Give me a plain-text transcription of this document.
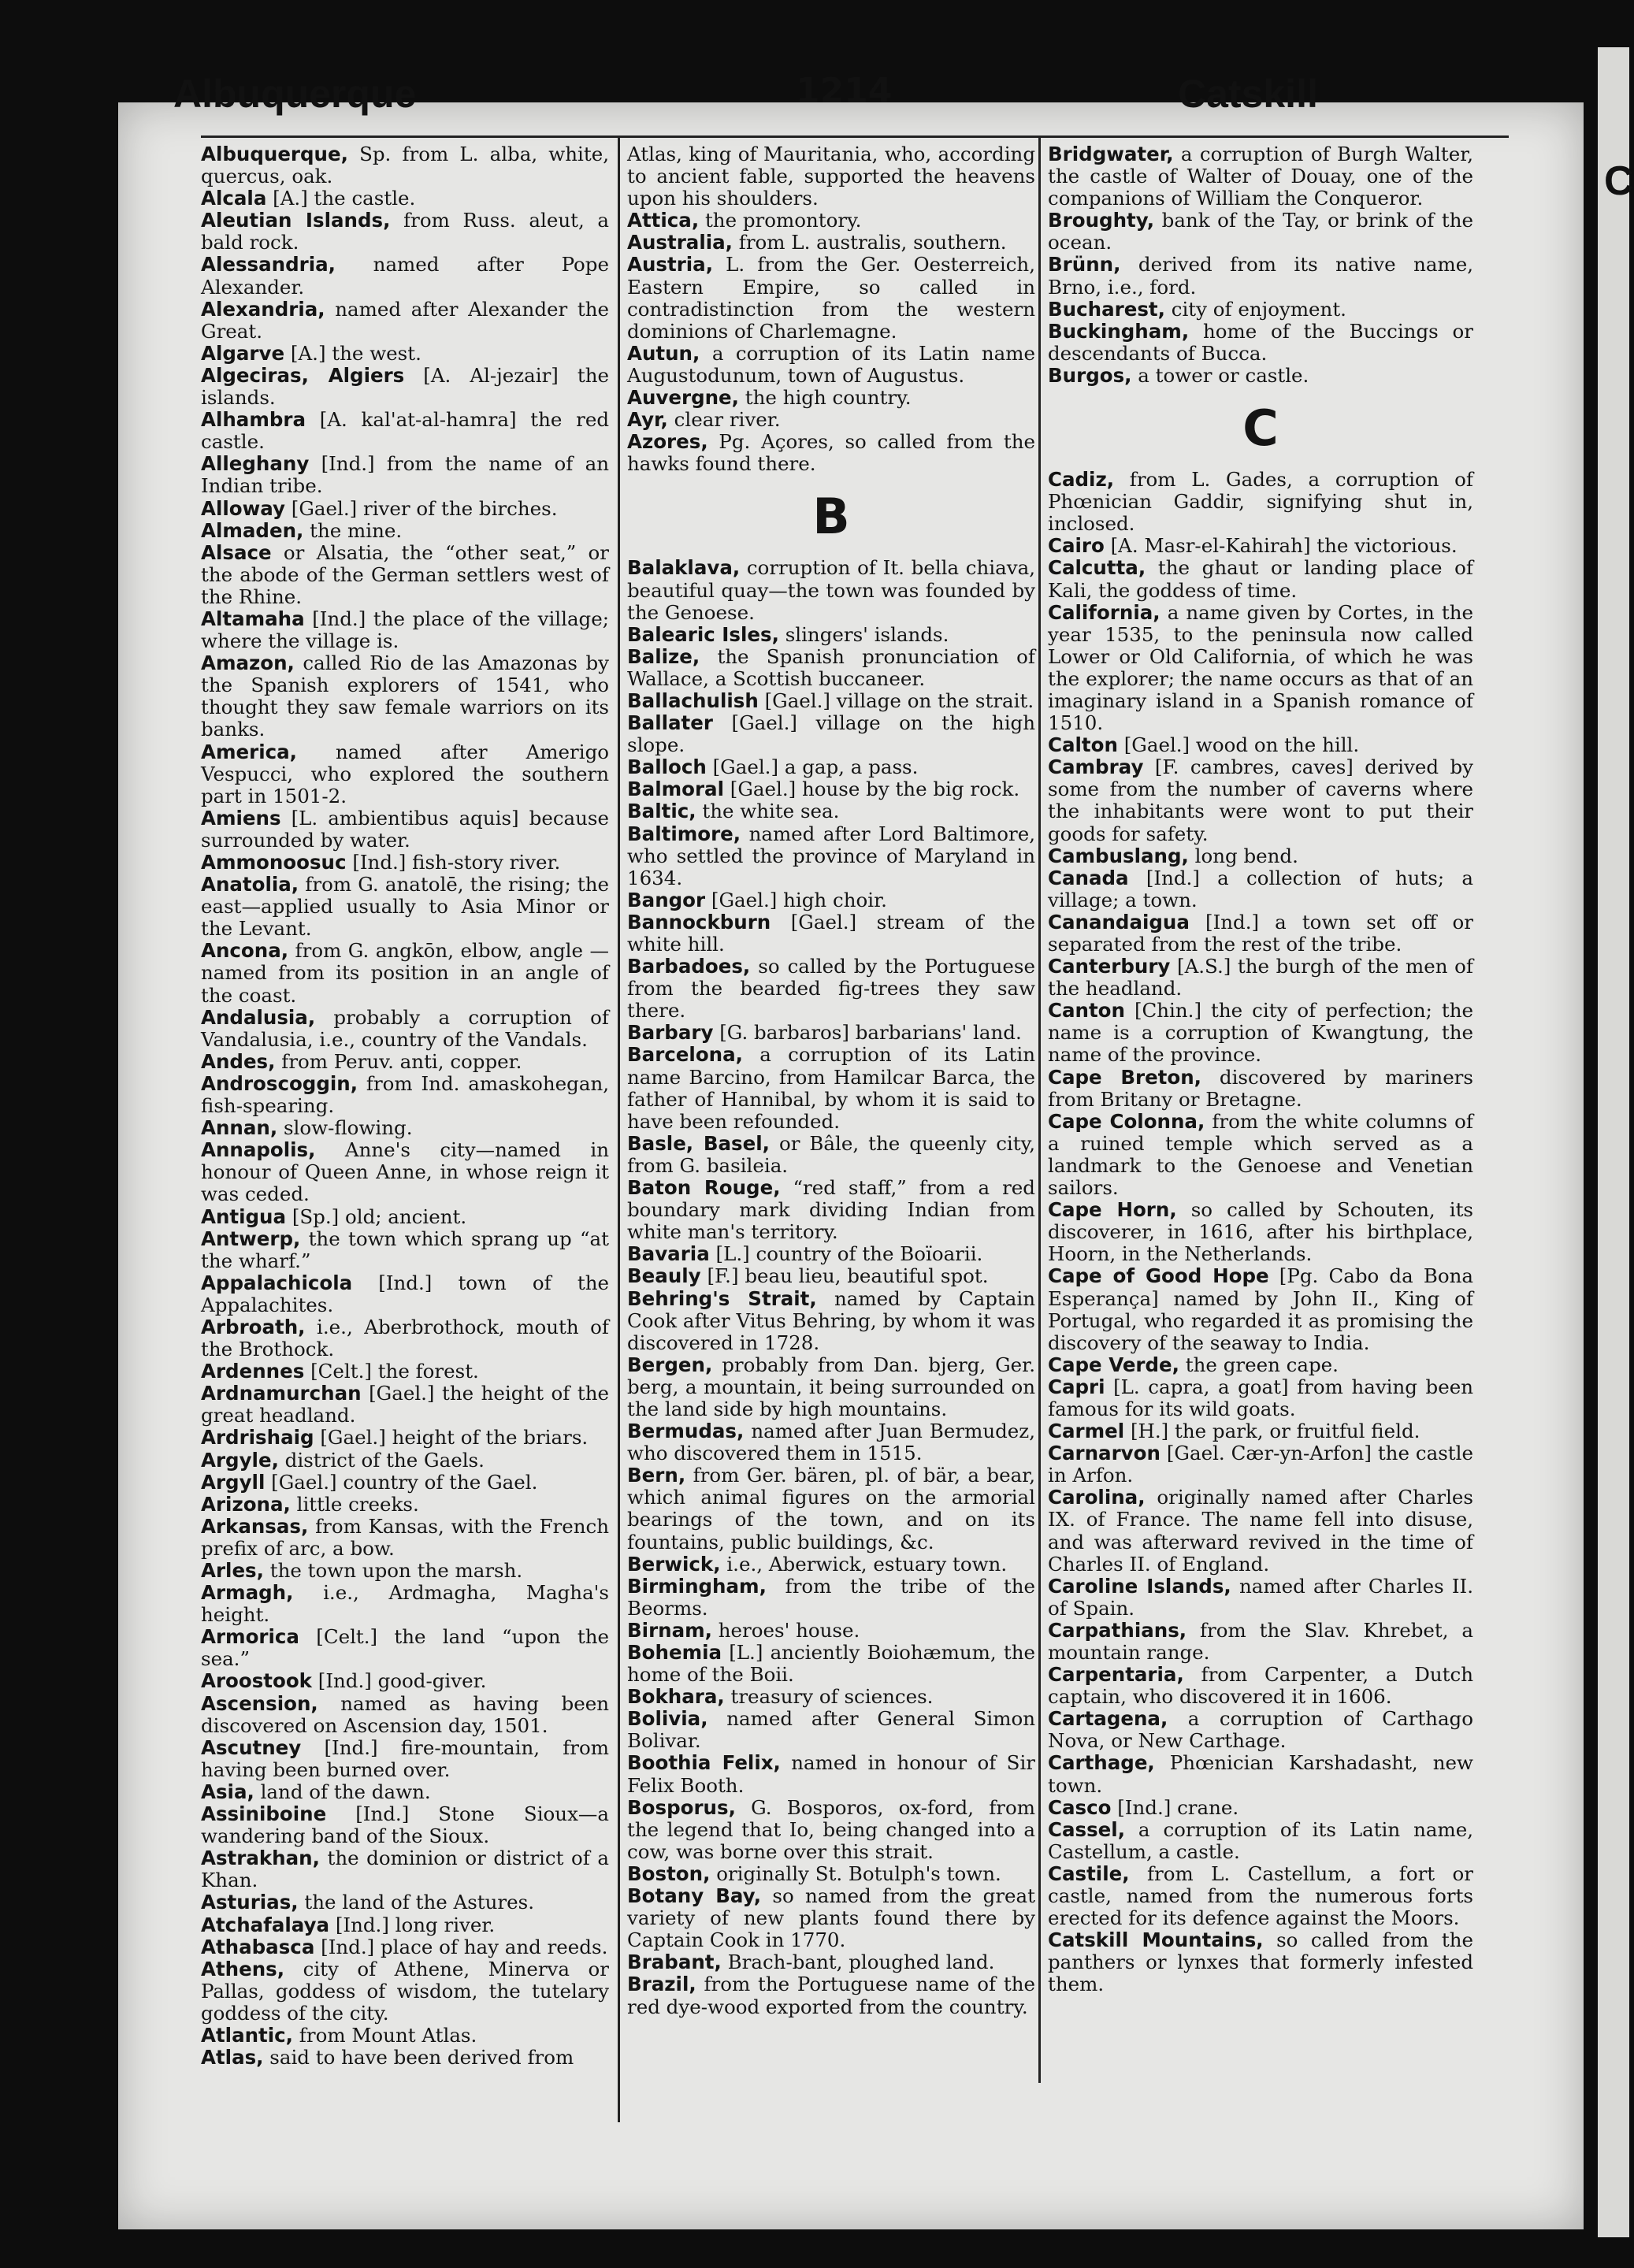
C
Albuquerque	1214	Catskill

Albuquerque, Sp. from L. alba, white, quercus, oak.

Alcala [A.] the castle.

Aleutian Islands, from Russ. aleut, a bald rock.

Alessandria, named after Pope Alexander.

Alexandria, named after Alexander the Great.

Algarve [A.] the west.

Algeciras, Algiers [A. Al-jezair] the islands.

Alhambra [A. kal'at-al-hamra] the red castle.

Alleghany [Ind.] from the name of an Indian tribe.

Alloway [Gael.] river of the birches.

Almaden, the mine.

Alsace or Alsatia, the “other seat,” or the abode of the German settlers west of the Rhine.

Altamaha [Ind.] the place of the village; where the village is.

Amazon, called Rio de las Amazonas by the Spanish explorers of 1541, who thought they saw female warriors on its banks.

America, named after Amerigo Vespucci, who explored the southern part in 1501-2.

Amiens [L. ambientibus aquis] because surrounded by water.

Ammonoosuc [Ind.] fish-story river.

Anatolia, from G. anatolē, the rising; the east—applied usually to Asia Minor or the Levant.

Ancona, from G. angkōn, elbow, angle —named from its position in an angle of the coast.

Andalusia, probably a corruption of Vandalusia, i.e., country of the Vandals.

Andes, from Peruv. anti, copper.

Androscoggin, from Ind. amaskohegan, fish-spearing.

Annan, slow-flowing.

Annapolis, Anne's city—named in honour of Queen Anne, in whose reign it was ceded.

Antigua [Sp.] old; ancient.

Antwerp, the town which sprang up “at the wharf.”

Appalachicola [Ind.] town of the Appalachites.

Arbroath, i.e., Aberbrothock, mouth of the Brothock.

Ardennes [Celt.] the forest.

Ardnamurchan [Gael.] the height of the great headland.

Ardrishaig [Gael.] height of the briars.

Argyle, district of the Gaels.

Argyll [Gael.] country of the Gael.

Arizona, little creeks.

Arkansas, from Kansas, with the French prefix of arc, a bow.

Arles, the town upon the marsh.

Armagh, i.e., Ardmagha, Magha's height.

Armorica [Celt.] the land “upon the sea.”

Aroostook [Ind.] good-giver.

Ascension, named as having been discovered on Ascension day, 1501.

Ascutney [Ind.] fire-mountain, from having been burned over.

Asia, land of the dawn.

Assiniboine [Ind.] Stone Sioux—a wandering band of the Sioux.

Astrakhan, the dominion or district of a Khan.

Asturias, the land of the Astures.

Atchafalaya [Ind.] long river.

Athabasca [Ind.] place of hay and reeds.

Athens, city of Athene, Minerva or Pallas, goddess of wisdom, the tutelary goddess of the city.

Atlantic, from Mount Atlas.

Atlas, said to have been derived from

Atlas, king of Mauritania, who, according to ancient fable, supported the heavens upon his shoulders.

Attica, the promontory.

Australia, from L. australis, southern.

Austria, L. from the Ger. Oesterreich, Eastern Empire, so called in contradistinction from the western dominions of Charlemagne.

Autun, a corruption of its Latin name Augustodunum, town of Augustus.

Auvergne, the high country.

Ayr, clear river.

Azores, Pg. Açores, so called from the hawks found there.

B

Balaklava, corruption of It. bella chiava, beautiful quay—the town was founded by the Genoese.

Balearic Isles, slingers' islands.

Balize, the Spanish pronunciation of Wallace, a Scottish buccaneer.

Ballachulish [Gael.] village on the strait.

Ballater [Gael.] village on the high slope.

Balloch [Gael.] a gap, a pass.

Balmoral [Gael.] house by the big rock.

Baltic, the white sea.

Baltimore, named after Lord Baltimore, who settled the province of Maryland in 1634.

Bangor [Gael.] high choir.

Bannockburn [Gael.] stream of the white hill.

Barbadoes, so called by the Portuguese from the bearded fig-trees they saw there.

Barbary [G. barbaros] barbarians' land.

Barcelona, a corruption of its Latin name Barcino, from Hamilcar Barca, the father of Hannibal, by whom it is said to have been refounded.

Basle, Basel, or Bâle, the queenly city, from G. basileia.

Baton Rouge, “red staff,” from a red boundary mark dividing Indian from white man's territory.

Bavaria [L.] country of the Boïoarii.

Beauly [F.] beau lieu, beautiful spot.

Behring's Strait, named by Captain Cook after Vitus Behring, by whom it was discovered in 1728.

Bergen, probably from Dan. bjerg, Ger. berg, a mountain, it being surrounded on the land side by high mountains.

Bermudas, named after Juan Bermudez, who discovered them in 1515.

Bern, from Ger. bären, pl. of bär, a bear, which animal figures on the armorial bearings of the town, and on its fountains, public buildings, &c.

Berwick, i.e., Aberwick, estuary town.

Birmingham, from the tribe of the Beorms.

Birnam, heroes' house.

Bohemia [L.] anciently Boiohæmum, the home of the Boii.

Bokhara, treasury of sciences.

Bolivia, named after General Simon Bolivar.

Boothia Felix, named in honour of Sir Felix Booth.

Bosporus, G. Bosporos, ox-ford, from the legend that Io, being changed into a cow, was borne over this strait.

Boston, originally St. Botulph's town.

Botany Bay, so named from the great variety of new plants found there by Captain Cook in 1770.

Brabant, Brach-bant, ploughed land.

Brazil, from the Portuguese name of the red dye-wood exported from the country.

Bridgwater, a corruption of Burgh Walter, the castle of Walter of Douay, one of the companions of William the Conqueror.

Broughty, bank of the Tay, or brink of the ocean.

Brünn, derived from its native name, Brno, i.e., ford.

Bucharest, city of enjoyment.

Buckingham, home of the Buccings or descendants of Bucca.

Burgos, a tower or castle.

C

Cadiz, from L. Gades, a corruption of Phœnician Gaddir, signifying shut in, inclosed.

Cairo [A. Masr-el-Kahirah] the victorious.

Calcutta, the ghaut or landing place of Kali, the goddess of time.

California, a name given by Cortes, in the year 1535, to the peninsula now called Lower or Old California, of which he was the explorer; the name occurs as that of an imaginary island in a Spanish romance of 1510.

Calton [Gael.] wood on the hill.

Cambray [F. cambres, caves] derived by some from the number of caverns where the inhabitants were wont to put their goods for safety.

Cambuslang, long bend.

Canada [Ind.] a collection of huts; a village; a town.

Canandaigua [Ind.] a town set off or separated from the rest of the tribe.

Canterbury [A.S.] the burgh of the men of the headland.

Canton [Chin.] the city of perfection; the name is a corruption of Kwangtung, the name of the province.

Cape Breton, discovered by mariners from Britany or Bretagne.

Cape Colonna, from the white columns of a ruined temple which served as a landmark to the Genoese and Venetian sailors.

Cape Horn, so called by Schouten, its discoverer, in 1616, after his birthplace, Hoorn, in the Netherlands.

Cape of Good Hope [Pg. Cabo da Bona Esperança] named by John II., King of Portugal, who regarded it as promising the discovery of the seaway to India.

Cape Verde, the green cape.

Capri [L. capra, a goat] from having been famous for its wild goats.

Carmel [H.] the park, or fruitful field.

Carnarvon [Gael. Cær-yn-Arfon] the castle in Arfon.

Carolina, originally named after Charles IX. of France. The name fell into disuse, and was afterward revived in the time of Charles II. of England.

Caroline Islands, named after Charles II. of Spain.

Carpathians, from the Slav. Khrebet, a mountain range.

Carpentaria, from Carpenter, a Dutch captain, who discovered it in 1606.

Cartagena, a corruption of Carthago Nova, or New Carthage.

Carthage, Phœnician Karshadasht, new town.

Casco [Ind.] crane.

Cassel, a corruption of its Latin name, Castellum, a castle.

Castile, from L. Castellum, a fort or castle, named from the numerous forts erected for its defence against the Moors.

Catskill Mountains, so called from the panthers or lynxes that formerly infested them.
